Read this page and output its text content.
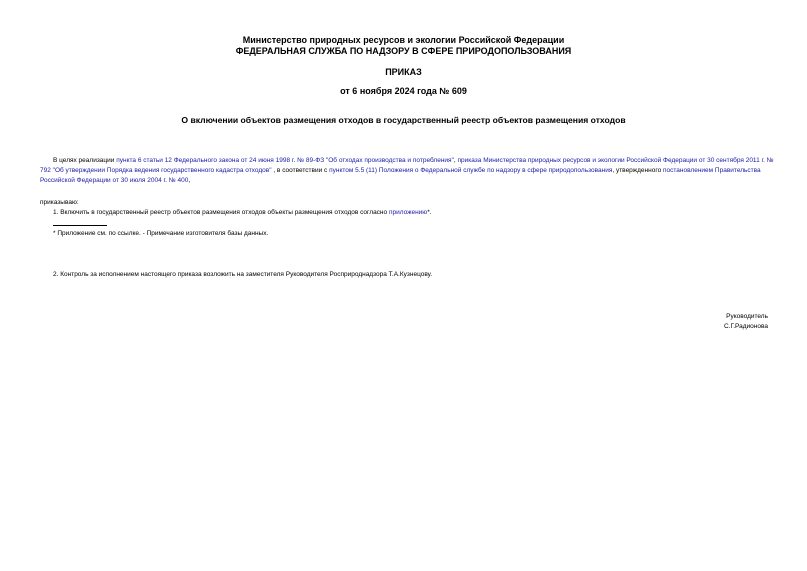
Министерство природных ресурсов и экологии Российской Федерации
ФЕДЕРАЛЬНАЯ СЛУЖБА ПО НАДЗОРУ В СФЕРЕ ПРИРОДОПОЛЬЗОВАНИЯ
ПРИКАЗ
от 6 ноября 2024 года № 609
О включении объектов размещения отходов в государственный реестр объектов размещения отходов
В целях реализации пункта 6 статьи 12 Федерального закона от 24 июня 1998 г. № 89-ФЗ "Об отходах производства и потребления", приказа Министерства природных ресурсов и экологии Российской Федерации от 30 сентября 2011 г. № 792 "Об утверждении Порядка ведения государственного кадастра отходов" , в соответствии с пунктом 5.5 (11) Положения о Федеральной службе по надзору в сфере природопользования, утвержденного постановлением Правительства Российской Федерации от 30 июля 2004 г. № 400,
приказываю:
1. Включить в государственный реестр объектов размещения отходов объекты размещения отходов согласно приложению*.
* Приложение см. по ссылке. - Примечание изготовителя базы данных.
2. Контроль за исполнением настоящего приказа возложить на заместителя Руководителя Росприроднадзора Т.А.Кузнецову.
Руководитель
С.Г.Радионова
